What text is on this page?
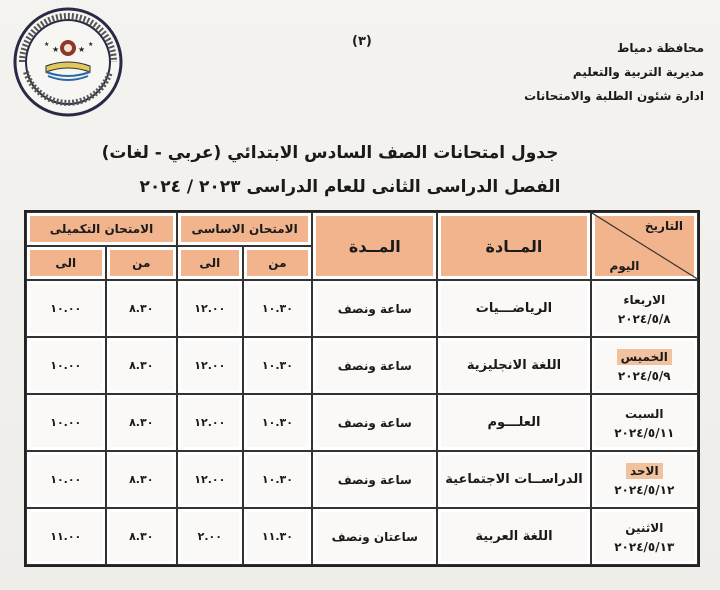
★ ★
★	★	(٣)	محافظة دمياط
مديرية التربية والتعليم
ادارة شئون الطلبة والامتحانات
جدول امتحانات الصف السادس الابتدائي (عربي - لغات)
الفصل الدراسى الثانى للعام الدراسى ٢٠٢٣ / ٢٠٢٤
التاريخ
اليوم	المــادة	المــدة	الامتحان الاساسى		الامتحان التكميلى	
			من	الى	من	الى
الاربعاء
٢٠٢٤/٥/٨	الرياضـــيات	ساعة ونصف	١٠.٣٠	١٢.٠٠	٨.٣٠	١٠.٠٠
الخميس
٢٠٢٤/٥/٩	اللغة الانجليزية	ساعة ونصف	١٠.٣٠	١٢.٠٠	٨.٣٠	١٠.٠٠
السبت
٢٠٢٤/٥/١١	العلـــوم	ساعة ونصف	١٠.٣٠	١٢.٠٠	٨.٣٠	١٠.٠٠
الاحد
٢٠٢٤/٥/١٢	الدراســات الاجتماعية	ساعة ونصف	١٠.٣٠	١٢.٠٠	٨.٣٠	١٠.٠٠
الاثنين
٢٠٢٤/٥/١٣	اللغة العربية	ساعتان ونصف	١١.٣٠	٢.٠٠	٨.٣٠	١١.٠٠
